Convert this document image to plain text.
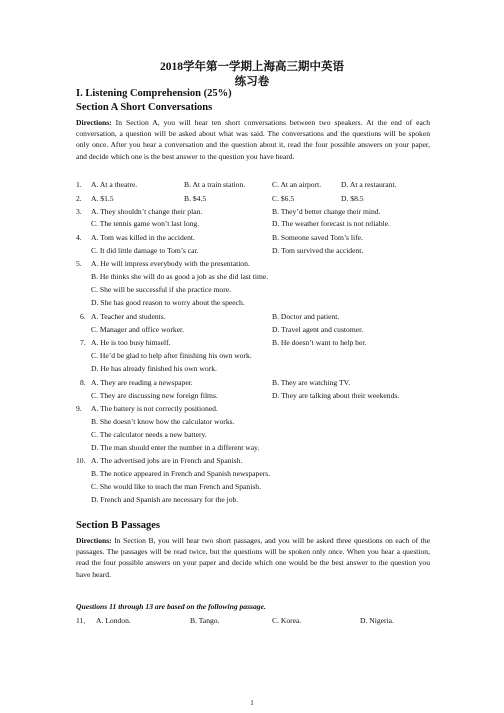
2018学年第一学期上海高三期中英语
练习卷
I. Listening Comprehension (25%)
Section A Short Conversations
Directions: In Section A, you will hear ten short conversations between two speakers. At the end of each conversation, a question will be asked about what was said. The conversations and the questions will be spoken only once. After you hear a conversation and the question about it, read the four possible answers on your paper, and decide which one is the best answer to the question you have heard.
1. A. At a theatre.	B. At a train station.	C. At an airport.	D. At a restaurant.
2. A. $1.5	B. $4.5	C. $6.5	D. $8.5
3. A. They shouldn’t change their plan.	B. They’d better change their mind.
C. The tennis game won’t last long.	D. The weather forecast is not reliable.
4. A. Tom was killed in the accident.	B. Someone saved Tom’s life.
C. It did little damage to Tom’s car.	D. Tom survived the accident.
5. A. He will impress everybody with the presentation.
B. He thinks she will do as good a job as she did last time.
C. She will be successful if she practice more.
D. She has good reason to worry about the speech.
6. A. Teacher and students.	B. Doctor and patient.
C. Manager and office worker.	D. Travel agent and customer.
7. A. He is too busy himself.	B. He doesn’t want to help her.
C. He’d be glad to help after finishing his own work.
D. He has already finished his own work.
8. A. They are reading a newspaper.	B. They are watching TV.
C. They are discussing new foreign films.	D. They are talking about their weekends.
9. A. The battery is not correctly positioned.
B. She doesn’t know how the calculator works.
C. The calculator needs a new battery.
D. The man should enter the number in a different way.
10. A. The advertised jobs are in French and Spanish.
B. The notice appeared in French and Spanish newspapers.
C. She would like to teach the man French and Spanish.
D. French and Spanish are necessary for the job.
Section B Passages
Directions: In Section B, you will hear two short passages, and you will be asked three questions on each of the passages. The passages will be read twice, but the questions will be spoken only once. When you hear a question, read the four possible answers on your paper and decide which one would be the best answer to the question you have heard.
Questions 11 through 13 are based on the following passage.
11． A. London.	B. Tango.	C. Korea.	D. Nigeria.
1
